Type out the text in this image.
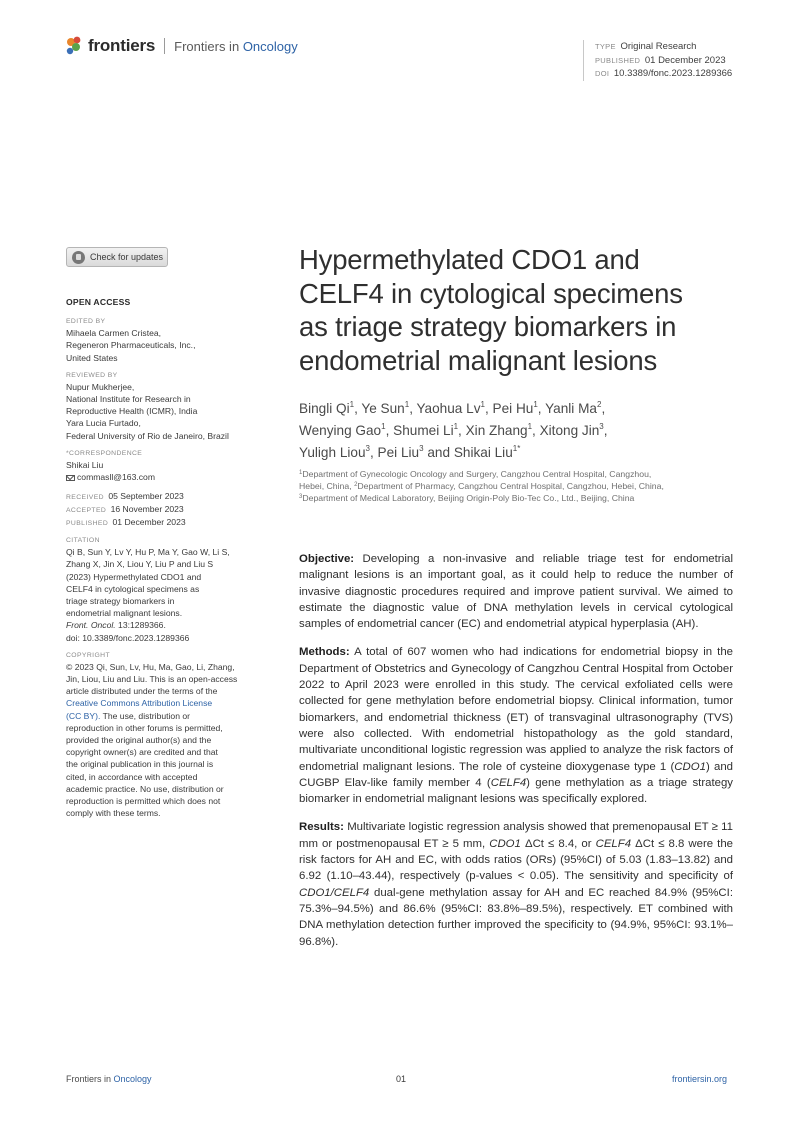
frontiers Frontiers in Oncology	TYPE Original Research
PUBLISHED 01 December 2023
DOI 10.3389/fonc.2023.1289366
Check for updates
OPEN ACCESS
EDITED BY
Mihaela Carmen Cristea,
Regeneron Pharmaceuticals, Inc.,
United States
REVIEWED BY
Nupur Mukherjee,
National Institute for Research in
Reproductive Health (ICMR), India
Yara Lucia Furtado,
Federal University of Rio de Janeiro, Brazil
*CORRESPONDENCE
Shikai Liu
commasll@163.com
RECEIVED 05 September 2023
ACCEPTED 16 November 2023
PUBLISHED 01 December 2023
CITATION
Qi B, Sun Y, Lv Y, Hu P, Ma Y, Gao W, Li S,
Zhang X, Jin X, Liou Y, Liu P and Liu S
(2023) Hypermethylated CDO1 and
CELF4 in cytological specimens as
triage strategy biomarkers in
endometrial malignant lesions.
Front. Oncol. 13:1289366.
doi: 10.3389/fonc.2023.1289366
COPYRIGHT
© 2023 Qi, Sun, Lv, Hu, Ma, Gao, Li, Zhang,
Jin, Liou, Liu and Liu. This is an open-access
article distributed under the terms of the
Creative Commons Attribution License
(CC BY). The use, distribution or
reproduction in other forums is permitted,
provided the original author(s) and the
copyright owner(s) are credited and that
the original publication in this journal is
cited, in accordance with accepted
academic practice. No use, distribution or
reproduction is permitted which does not
comply with these terms.
Hypermethylated CDO1 and
CELF4 in cytological specimens
as triage strategy biomarkers in
endometrial malignant lesions
Bingli Qi$^1$, Ye Sun$^1$, Yaohua Lv$^1$, Pei Hu$^1$, Yanli Ma$^2$,
Wenying Gao$^1$, Shumei Li$^1$, Xin Zhang$^1$, Xitong Jin$^3$,
Yuligh Liou$^3$, Pei Liu$^3$ and Shikai Liu$^{1*}$
$^1$Department of Gynecologic Oncology and Surgery, Cangzhou Central Hospital, Cangzhou,
Hebei, China, $^2$Department of Pharmacy, Cangzhou Central Hospital, Cangzhou, Hebei, China,
$^3$Department of Medical Laboratory, Beijing Origin-Poly Bio-Tec Co., Ltd., Beijing, China

Objective: Developing a non-invasive and reliable triage test for endometrial malignant lesions is an important goal, as it could help to reduce the number of invasive diagnostic procedures required and improve patient survival. We aimed to estimate the diagnostic value of DNA methylation levels in cervical cytological samples of endometrial cancer (EC) and endometrial atypical hyperplasia (AH).

Methods: A total of 607 women who had indications for endometrial biopsy in the Department of Obstetrics and Gynecology of Cangzhou Central Hospital from October 2022 to April 2023 were enrolled in this study. The cervical exfoliated cells were collected for gene methylation before endometrial biopsy. Clinical information, tumor biomarkers, and endometrial thickness (ET) of transvaginal ultrasonography (TVS) were also collected. With endometrial histopathology as the gold standard, multivariate unconditional logistic regression was applied to analyze the risk factors of endometrial malignant lesions. The role of cysteine dioxygenase type 1 (CDO1) and CUGBP Elav-like family member 4 (CELF4) gene methylation as a triage strategy biomarker in endometrial malignant lesions was specifically explored.

Results: Multivariate logistic regression analysis showed that premenopausal ET ≥ 11 mm or postmenopausal ET ≥ 5 mm, CDO1 ΔCt ≤ 8.4, or CELF4 ΔCt ≤ 8.8 were the risk factors for AH and EC, with odds ratios (ORs) (95%CI) of 5.03 (1.83–13.82) and 6.92 (1.10–43.44), respectively (p-values < 0.05). The sensitivity and specificity of CDO1/CELF4 dual-gene methylation assay for AH and EC reached 84.9% (95%CI: 75.3%–94.5%) and 86.6% (95%CI: 83.8%–89.5%), respectively. ET combined with DNA methylation detection further improved the specificity to (94.9%, 95%CI: 93.1%–96.8%).

Frontiers in Oncology	01	frontiersin.org
